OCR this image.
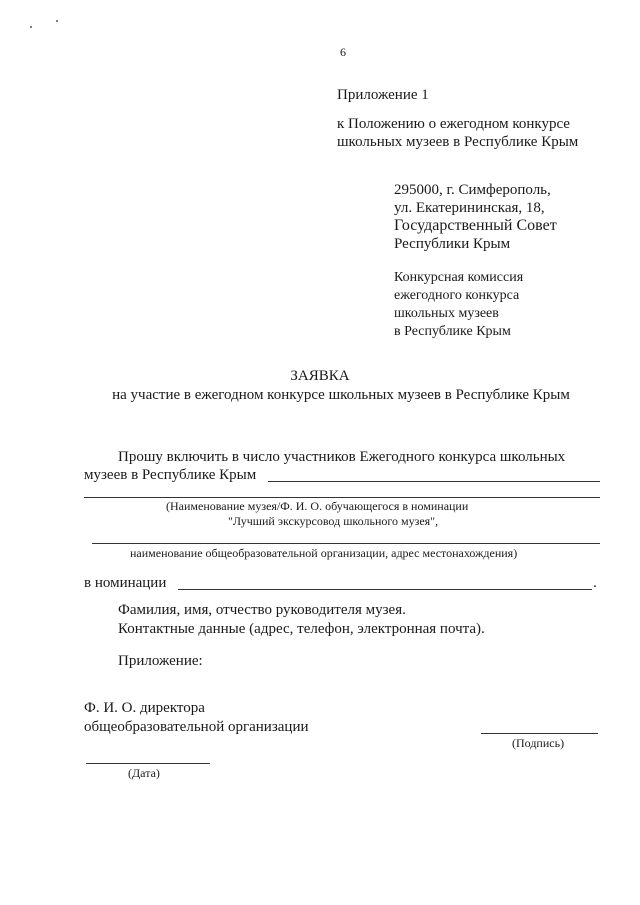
6
Приложение 1
к Положению о ежегодном конкурсе
школьных музеев в Республике Крым
295000, г. Симферополь,
ул. Екатерининская, 18,
Государственный Совет
Республики Крым
Конкурсная комиссия
ежегодного конкурса
школьных музеев
в Республике Крым
ЗАЯВКА
на участие в ежегодном конкурсе школьных музеев в Республике Крым
Прошу включить в число участников Ежегодного конкурса школьных
музеев в Республике Крым
(Наименование музея/Ф. И. О. обучающегося в номинации
"Лучший экскурсовод школьного музея",
наименование общеобразовательной организации, адрес местонахождения)
в номинации	.
Фамилия, имя, отчество руководителя музея.
Контактные данные (адрес, телефон, электронная почта).
Приложение:
Ф. И. О. директора
общеобразовательной организации
(Подпись)
(Дата)
